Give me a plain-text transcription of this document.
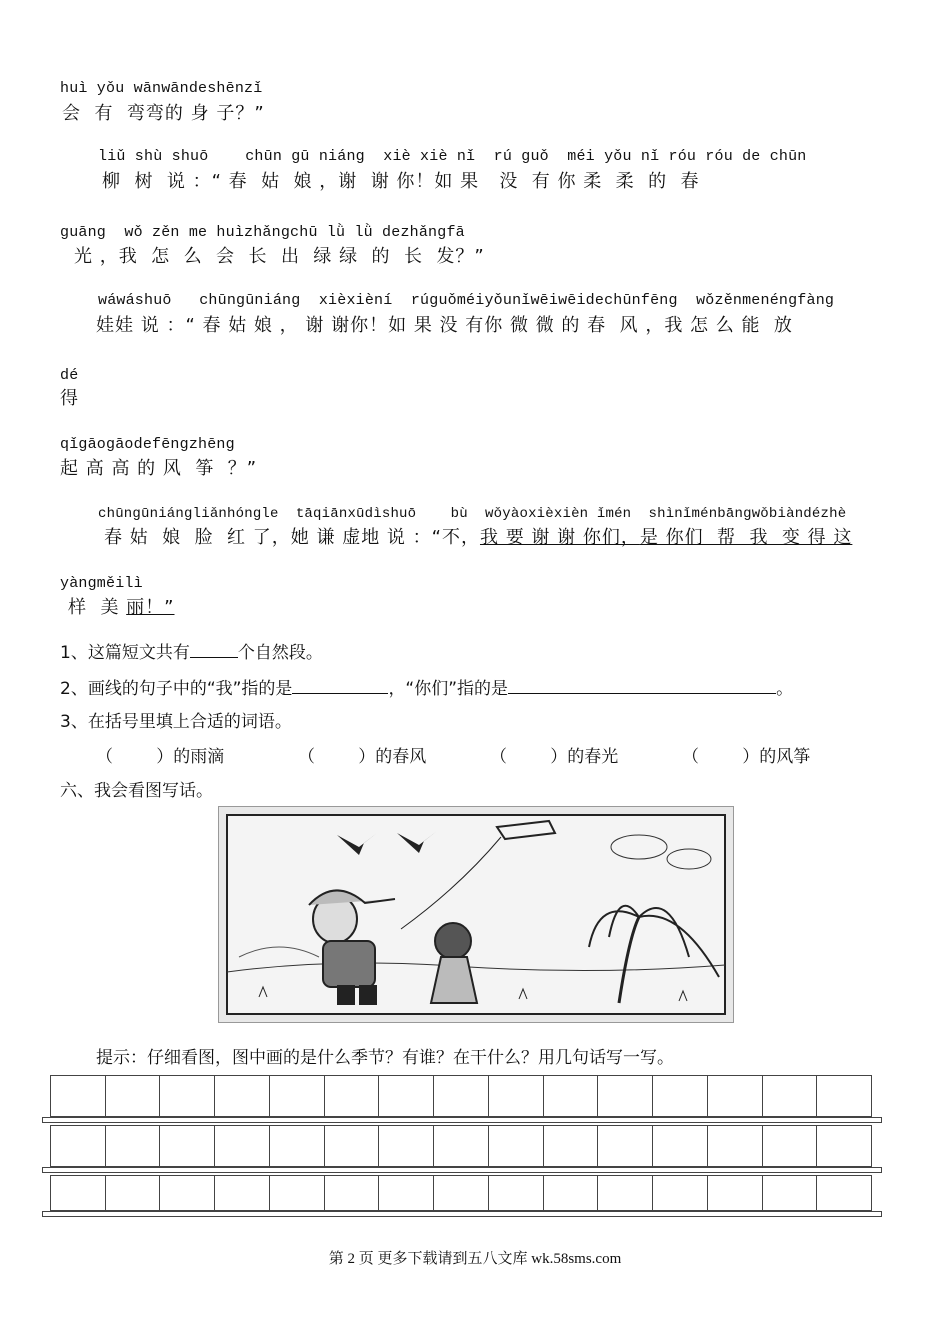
huì yǒu wānwāndeshēnzǐ
会  有  弯弯的 身 子？”
liǔ shù shuō    chūn gū niáng  xiè xiè nǐ  rú guǒ  méi yǒu nǐ róu róu de chūn
柳  树  说 ：“ 春  姑  娘 ，谢  谢 你！如 果   没  有 你 柔  柔  的  春
guāng  wǒ zěn me huìzhǎngchū lǜ lǜ dezhǎngfā
光 ，我  怎  么  会  长  出  绿 绿  的  长  发？”
wáwáshuō   chūngūniáng  xièxièní  rúguǒméiyǒunǐwēiwēidechūnfēng  wǒzěnmenéngfàng
娃娃 说 ：“ 春 姑 娘 ， 谢 谢你！如 果 没 有你 微 微 的 春  风 ，我 怎 么 能  放
dé
得
qǐgāogāodefēngzhēng
起 高 高 的 风  筝  ？”
chūngūniángliǎnhóngle  tāqiānxūdìshuō    bù  wǒyàoxièxièn ǐmén  shìnǐménbāngwǒbiàndézhè
春 姑  娘  脸  红 了，她 谦 虚地 说 ：“不，我 要 谢 谢 你们，是 你们  帮  我  变 得 这
yàngměilì
样  美 丽！”
1、这篇短文共有	个自然段。
2、画线的句子中的“我”指的是	，“你们”指的是	。
3、在括号里填上合适的词语。
（        ）的雨滴	（        ）的春风	（        ）的春光	（        ）的风筝
六、我会看图写话。
提示：仔细看图，图中画的是什么季节？有谁？在干什么？用几句话写一写。
第 2 页 更多下载请到五八文库 wk.58sms.com
